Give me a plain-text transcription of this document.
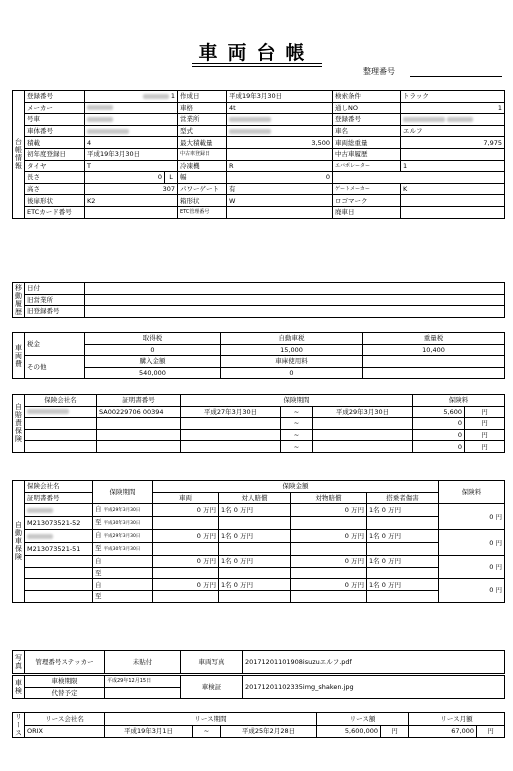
車両台帳
整理番号
台帳情報	登録番号	1		作成日	平成19年3月30日	検索条件	トラック
	メーカー			車格	4t	通しNO	1
	号車			営業所		登録番号	
	車体番号			型式		車名	エルフ
	積載	4		最大積載量	3,500	車両総重量	7,975
	初年度登録日	平成19年3月30日		中古車登録日		中古車履歴	
	タイヤ	T		冷凍機	R	エバポレーター	1
	長さ	0	L	幅	0		
	高さ	307		パワーゲート	有	ゲートメーカー	K
	後扉形状	K2		箱形状	W	ロゴマーク	
	ETCカード番号			ETC管理番号		廃車日	
移動履歴	日付	
	旧営業所	
	旧登録番号	
車両費	税金	取得税	自動車税	重量税
		0	15,000	10,400
	その他	購入金額	車庫使用料	
		540,000	0	
自賠責保険	保険会社名	証明書番号	保険期間			保険料	
		SA00229706 00394	平成27年3月30日	~	平成29年3月30日	5,600	円
				~		0	円
				~		0	円
				~		0	円
自動車保険	保険会社名	保険期間	保険金額				保険料
	証明書番号		車両	対人賠償	対物賠償	搭乗者傷害	
		自 平成29年3月30日	0 万円	1名 0 万円	0 万円	1名 0 万円	0 円
	M213073521-52	至 平成30年3月30日					
		自 平成29年3月30日	0 万円	1名 0 万円	0 万円	1名 0 万円	0 円
	M213073521-51	至 平成30年3月30日					
		自	0 万円	1名 0 万円	0 万円	1名 0 万円	0 円
		至					
		自	0 万円	1名 0 万円	0 万円	1名 0 万円	0 円
		至					
写真	管理番号ステッカー	未貼付	車両写真	20171201101908isuzuエルフ.pdf
車検	車検期限	平成29年12月15日	車検証	20171201102335img_shaken.jpg
	代替予定			
リース	リース会社名	リース期間			リース額		リース月額	
	ORIX	平成19年3月1日	~	平成25年2月28日	5,600,000	円	67,000	円
